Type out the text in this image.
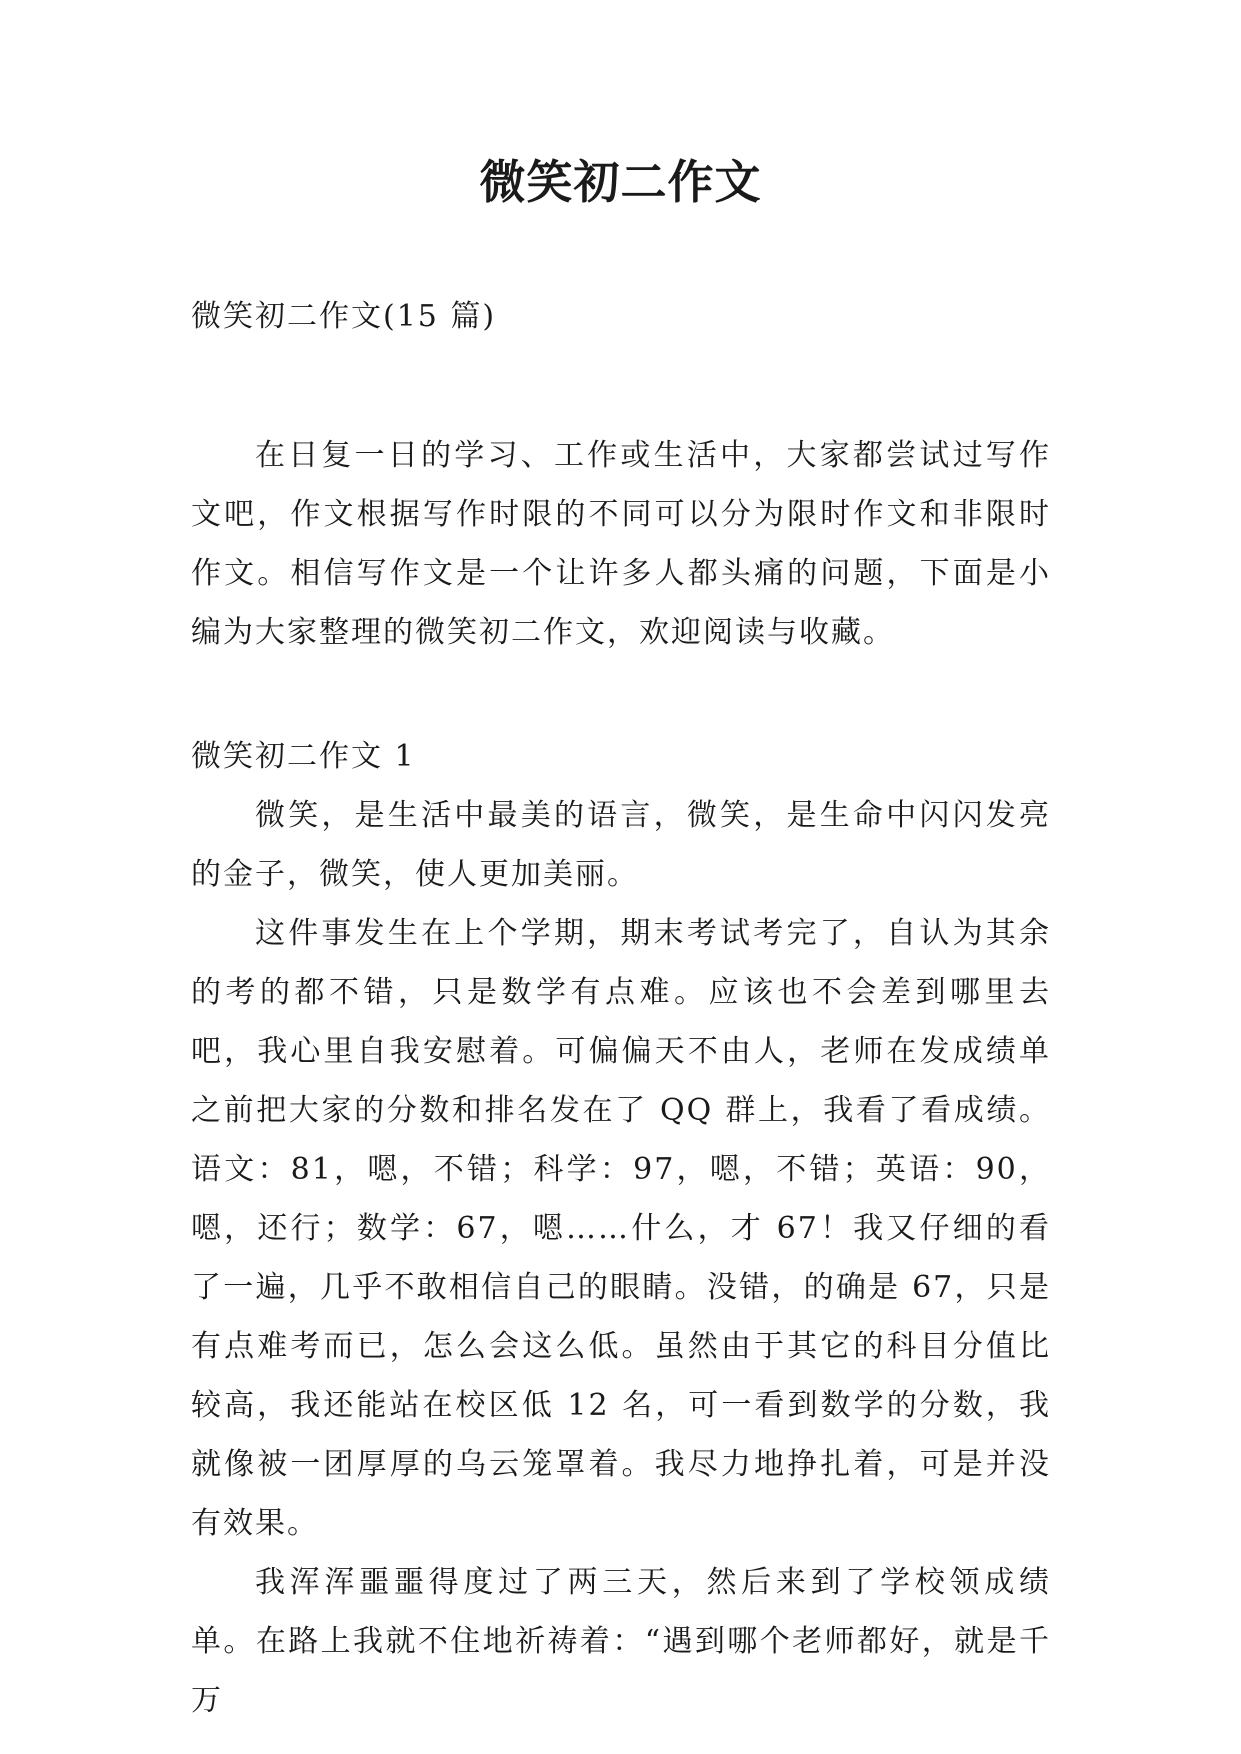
微笑初二作文

微笑初二作文(15 篇)

在日复一日的学习、工作或生活中，大家都尝试过写作文吧，作文根据写作时限的不同可以分为限时作文和非限时作文。相信写作文是一个让许多人都头痛的问题，下面是小编为大家整理的微笑初二作文，欢迎阅读与收藏。

微笑初二作文 1

微笑，是生活中最美的语言，微笑，是生命中闪闪发亮的金子，微笑，使人更加美丽。

这件事发生在上个学期，期末考试考完了，自认为其余的考的都不错，只是数学有点难。应该也不会差到哪里去吧，我心里自我安慰着。可偏偏天不由人，老师在发成绩单之前把大家的分数和排名发在了 QQ 群上，我看了看成绩。语文：81，嗯，不错；科学：97，嗯，不错；英语：90，嗯，还行；数学：67，嗯……什么，才 67！我又仔细的看了一遍，几乎不敢相信自己的眼睛。没错，的确是 67，只是有点难考而已，怎么会这么低。虽然由于其它的科目分值比较高，我还能站在校区低 12 名，可一看到数学的分数，我就像被一团厚厚的乌云笼罩着。我尽力地挣扎着，可是并没有效果。

我浑浑噩噩得度过了两三天，然后来到了学校领成绩单。在路上我就不住地祈祷着：“遇到哪个老师都好，就是千万
